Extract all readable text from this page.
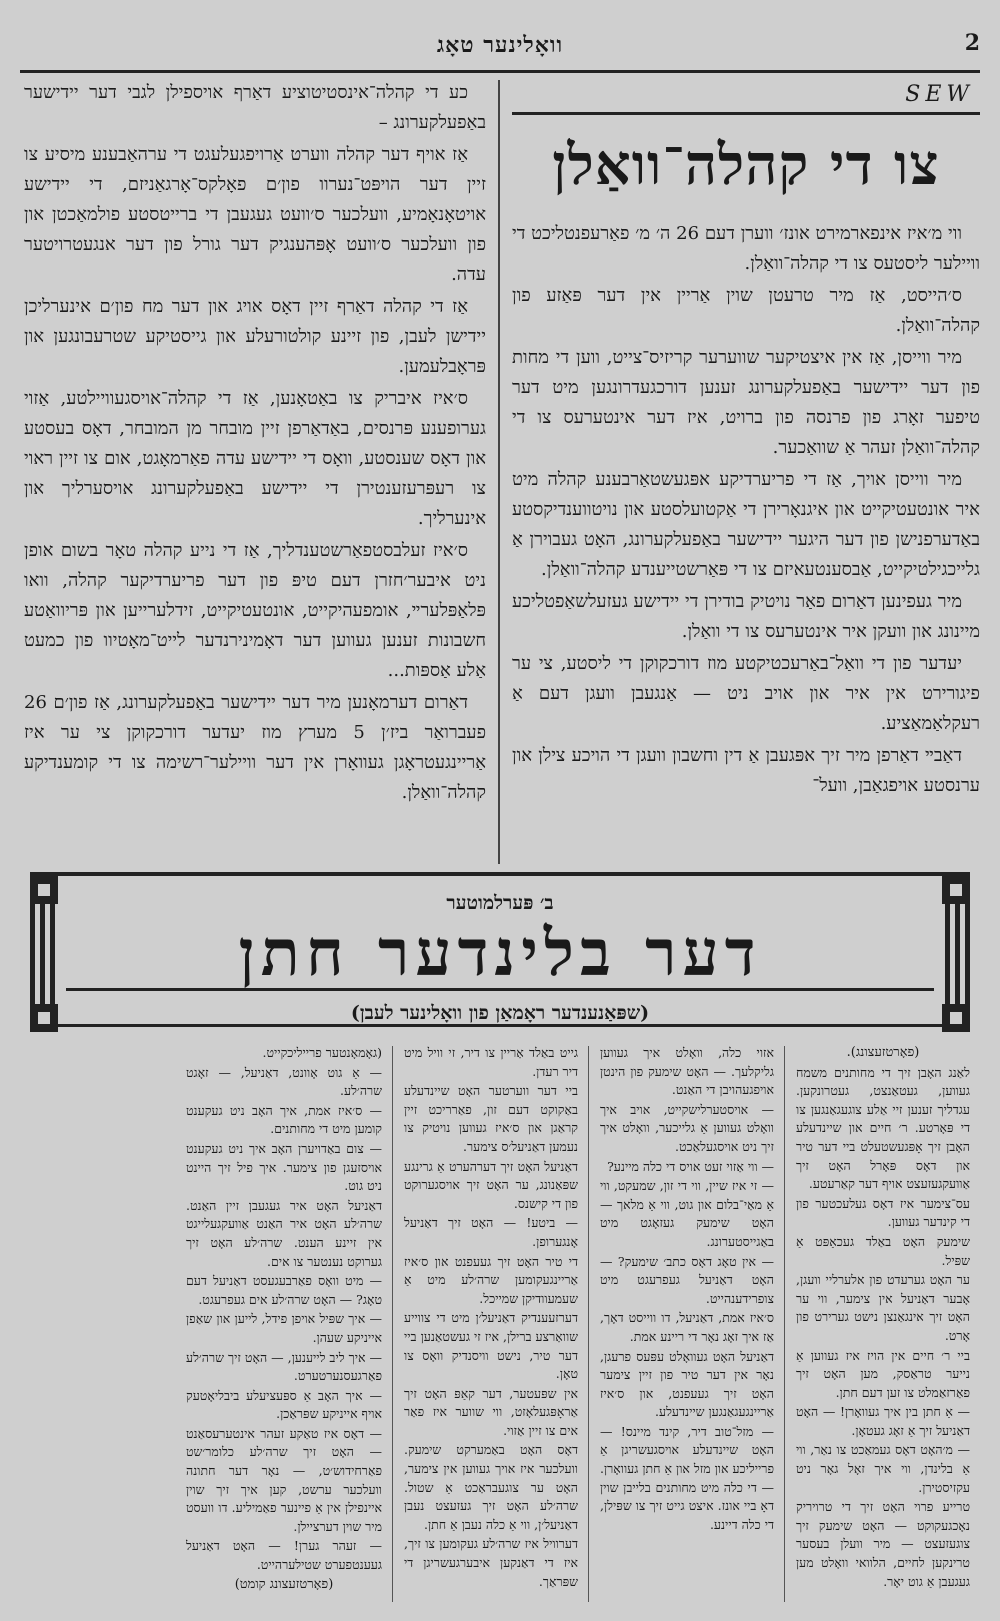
וואָלינער טאָג	2
SEW
צו די קהלה־וואַלן

ווי מ׳איז אינפארמירט אונז׳ ווערן דעם 26 ה׳ מ׳ פאַרעפנטליכט די וויילער ליסטעס צו די קהלה־וואַלן.

ס׳הייסט, אַז מיר טרעטן שוין אַריין אין דער פּאַזע פון קהלה־וואַלן.

מיר ווייסן, אַז אין איצטיקער שווערער קריזיס־צייט, ווען די מחות פון דער יידישער באַפעלקערונג זענען דורכגעדרונגען מיט דער טיפער זאָרג פון פרנסה פון ברויט, איז דער אינטערעס צו די קהלה־וואַלן זעהר אַ שוואַכער.

מיר ווייסן אויך, אַז די פריערדיקע אפּגעשטאַרבענע קהלה מיט איר אונטעטיקייט און איגנאָרירן די אַקטועלסטע און נויטווענדיקסטע באַדערפנישן פון דער היגער יידישער באַפעלקערונג, האָט געבוירן אַ גלייכגילטיקייט, אַבסענטעאיזם צו די פּאַרשטייענדע קהלה־וואַלן.

מיר געפינען דאַרום פאַר נויטיק בודירן די יידישע געזעלשאַפטליכע מיינונג און וועקן איר אינטערעס צו די וואַלן.

יעדער פון די וואַל־באַרעכטיקטע מוז דורכקוקן די ליסטע, צי ער פיגורירט אין איר און אויב ניט — אַנגעבן וועגן דעם אַ רעקלאַמאַציע.

דאַבײ דאַרפן מיר זיך אפּגעבן אַ דין וחשבון וועגן די הויכע צילן און ערנסטע אויפגאַבן, וועל־

כע די קהלה־אינסטיטוציע דאַרף אויספילן לגבי דער יידישער באַפעלקערונג –

אַז אויף דער קהלה ווערט אַרויפגעלעגט די ערהאַבענע מיסיע צו זיין דער הויפּט־נערוו פון׳ם פאָלקס־אָרגאַניזם, די יידישע אויטאָנאָמיע, וועלכער ס׳וועט געגעבן די ברייטסטע פולמאַכטן און פון וועלכער ס׳וועט אָפּהענגיק דער גורל פון דער אנגעטרויטער עדה.

אַז די קהלה דאַרף זיין דאָס אויג און דער מח פון׳ם אינערליכן יידישן לעבן, פון זיינע קולטורעלע און גייסטיקע שטרעבונגען און פּראָבלעמען.

ס׳איז איבריק צו באַטאָנען, אַז די קהלה־אויסגעוויילטע, אַזוי גערופענע פּרנסים, באַדאַרפן זיין מובחר מן המובחר, דאָס בעסטע און דאָס שענסטע, וואָס די יידישע עדה פאַרמאָגט, אום צו זיין ראוי צו רעפּרעזענטירן די יידישע באַפעלקערונג אויסערליך און אינערליך.

ס׳איז זעלבסטפאַרשטענדליך, אַז די נייע קהלה טאָר בשום אופן ניט איבער׳חזרן דעם טיפּ פון דער פריערדיקער קהלה, וואו פּלאַפּלערײ, אומפעהיקייט, אונטעטיקייט, זידלערייען און פּריוואַטע חשבונות זענען געווען דער דאָמינירנדער לייט־מאָטיוו פון כמעט אַלע אַספּות...

דאַרום דערמאָנען מיר דער יידישער באַפעלקערונג, אַז פון׳ם 26 פעברואַר ביז׳ן 5 מערץ מוז יעדער דורכקוקן צי ער איז אַריינגעטראָגן געוואָרן אין דער וויילער־רשימה צו די קומענדיקע קהלה־וואַלן.

ב׳ פּערלמוטער
דער בלינדער חתן
(שפּאַנענדער ראָמאַן פון וואָלינער לעבן)

(פאָרטזעצונג).

לאַנג האָבן זיך די מחותנים משמח געווען, געטאַנצט, געטרונקען. עגדליך זענען זיי אַלע צוגעגאַנגען צו די פּאָרטע. ר׳ חיים און שיינדעלע האָבן זיך אָפּגעשטעלט ביי דער טיר און דאָס פּאָרל האָט זיך אַוועקגעזעצט אויף דער קאַרעטע.

עס־צימער איז דאָס געלעכטער פון די קינדער געווען.

שימעק האָט באַלד געכאַפּט אַ שפּיל.

ער האָט גערעדט פון אלערליי וועגן, אָבער דאַניעל אין צימער, ווי ער האָט זיך אינגאַנצן נישט גערירט פון אָרט.

ביי ר׳ חיים אין הויז איז געווען אַ נייער טראַסק, מען האָט זיך פאַרזאַמלט צו זען דעם חתן.

— אַ חתן בין איך געוואָרן! — האָט דאַניעל זיך אַ זאָג געטאָן.

— מ׳האָט דאָס געמאַכט צו נאַר, ווי אַ בלינדן, ווי איך זאָל גאָר ניט עקזיסטירן.

טרייע פרוי האָט זיך די טרויריק נאָכגעקוקט — האָט שימעק זיך צוגעזעצט — מיר וועלן בעסער טרינקען לחיים, הלוואי וואָלט מען געגעבן אַ גוט יאָר.

אזוי כלה, וואָלט איך געווען גליקלעך. — האָט שימעק פון הינטן אויפגעהויבן די האַנט.

— אויסטערלישקייט, אויב איך וואָלט געווען אַ גלייכער, וואָלט איך זיך ניט אויסגעלאַכט.

— ווי אַזוי זעט אויס די כלה מיינע?

— זי איז שיין, ווי די זון, שמעקט, ווי אַ מאַי־בלום און גוט, ווי אַ מלאך — האָט שימעק געזאָגט מיט באַגייסטערונג.

— אין טאָג דאָס כתב׳ שימעק? — האָט דאַניעל געפרעגט מיט צופרידענהייט.

ס׳איז אמת, דאַניעל, דו ווייסט דאָך, אַז איך זאָג נאָר די ריינע אמת.

דאַניעל האָט געוואָלט עפּעס פרעגן, נאָר אין דער טיר פון זיין צימער האָט זיך געעפנט, און ס׳איז אַריינגעגאַנגען שיינדעלע.

— מזל־טוב דיר, קינד מיינס! — האָט שיינדעלע אויסגעשריגן אַ פרייליכע און מזל און אַ חתן געוואָרן. — די כלה מיט מחותנים בלייבן שוין דאָ ביי אונז. איצט גייט זיך צו שפּילן, די כלה דיינע.

גייט באַלד אַריין צו דיר, זי וויל מיט דיר רעדן.

ביי דער ווערטער האָט שיינדעלע באַקוקט דעם זון, פאַרריכט זיין קראַגן און ס׳איז געווען נויטיק צו נעמען דאַניעל׳ס צימער.

דאַניעל האָט זיך דערהערט אַ גרינגע שפּאַנונג, ער האָט זיך אויסגערוקט פון די קישנס.

— ביטע! — האָט זיך דאַניעל אָנגערופן.

די טיר האָט זיך געעפנט און ס׳איז אַריינגעקומען שרה׳לע מיט אַ שעמעוודיקן שמייכל.

דערזעענדיק דאַניעל׳ן מיט די צווייע שוואַרצע ברילן, איז זי געשטאַנען ביי דער טיר, נישט וויסנדיק וואָס צו טאָן.

אין שפּעטער, דער קאַפּ האָט זיך אַראָפּגעלאָזט, ווי שווער איז פאַר אים צו זיין אַזוי.

דאָס האָט באַמערקט שימעק. וועלכער איז אויך געווען אין צימער, האָט ער צוגעבראַכט אַ שטול. שרה׳לע האָט זיך געזעצט נעבן דאַניעל׳ן, ווי אַ כלה נעבן אַ חתן.

דערוויל איז שרה׳לע געקומען צו זיך, איז די דאַנקען איבערגעשריגן די שפּראַך.

(גאָמאָנטער פרייליכקייט.

— אַ גוט אָוונט, דאַניעל, — זאָגט שרה׳לע.

— ס׳איז אמת, איך האָב ניט געקענט קומען מיט די מחותנים.

— צום באַדויערן האָב איך ניט געקענט אויסזעגן פון צימער. איך פיל זיך היינט ניט גוט.

דאַניעל האָט איר געגעבן זיין האַנט. שרה׳לע האָט איר האַנט אַוועקגעלייגט אין זיינע הענט. שרה׳לע האָט זיך גערוקט נענטער צו אים.

— מיט וואָס פאַרבעגעסט דאַניעל דעם טאָג? — האָט שרה׳לע אים געפרעגט.

— איך שפּיל אויפן פידל, לייען און שאַפן אייניקע שעהן.

— איך ליב לייענען, — האָט זיך שרה׳לע פאַרגעסנערטערט.

— איך האָב אַ ספּעציעלע ביבליאָטעק אויף אייניקע שפּראַכן.

— דאָס איז טאַקע זעהר אינטערעסאַנט — האָט זיך שרה׳לע כלומר׳שט פאַרחידוש׳ט, — נאָר דער חתונה וועלכער ערשט, קען איך זיך שוין איינפילן אין אַ פיינער פאַמיליע. דו וועסט מיר שוין דערציילן.

— זעהר גערן! — האָט דאַניעל געענטפערט שטילערהייט.

(פאָרטזעצונג קומט)
